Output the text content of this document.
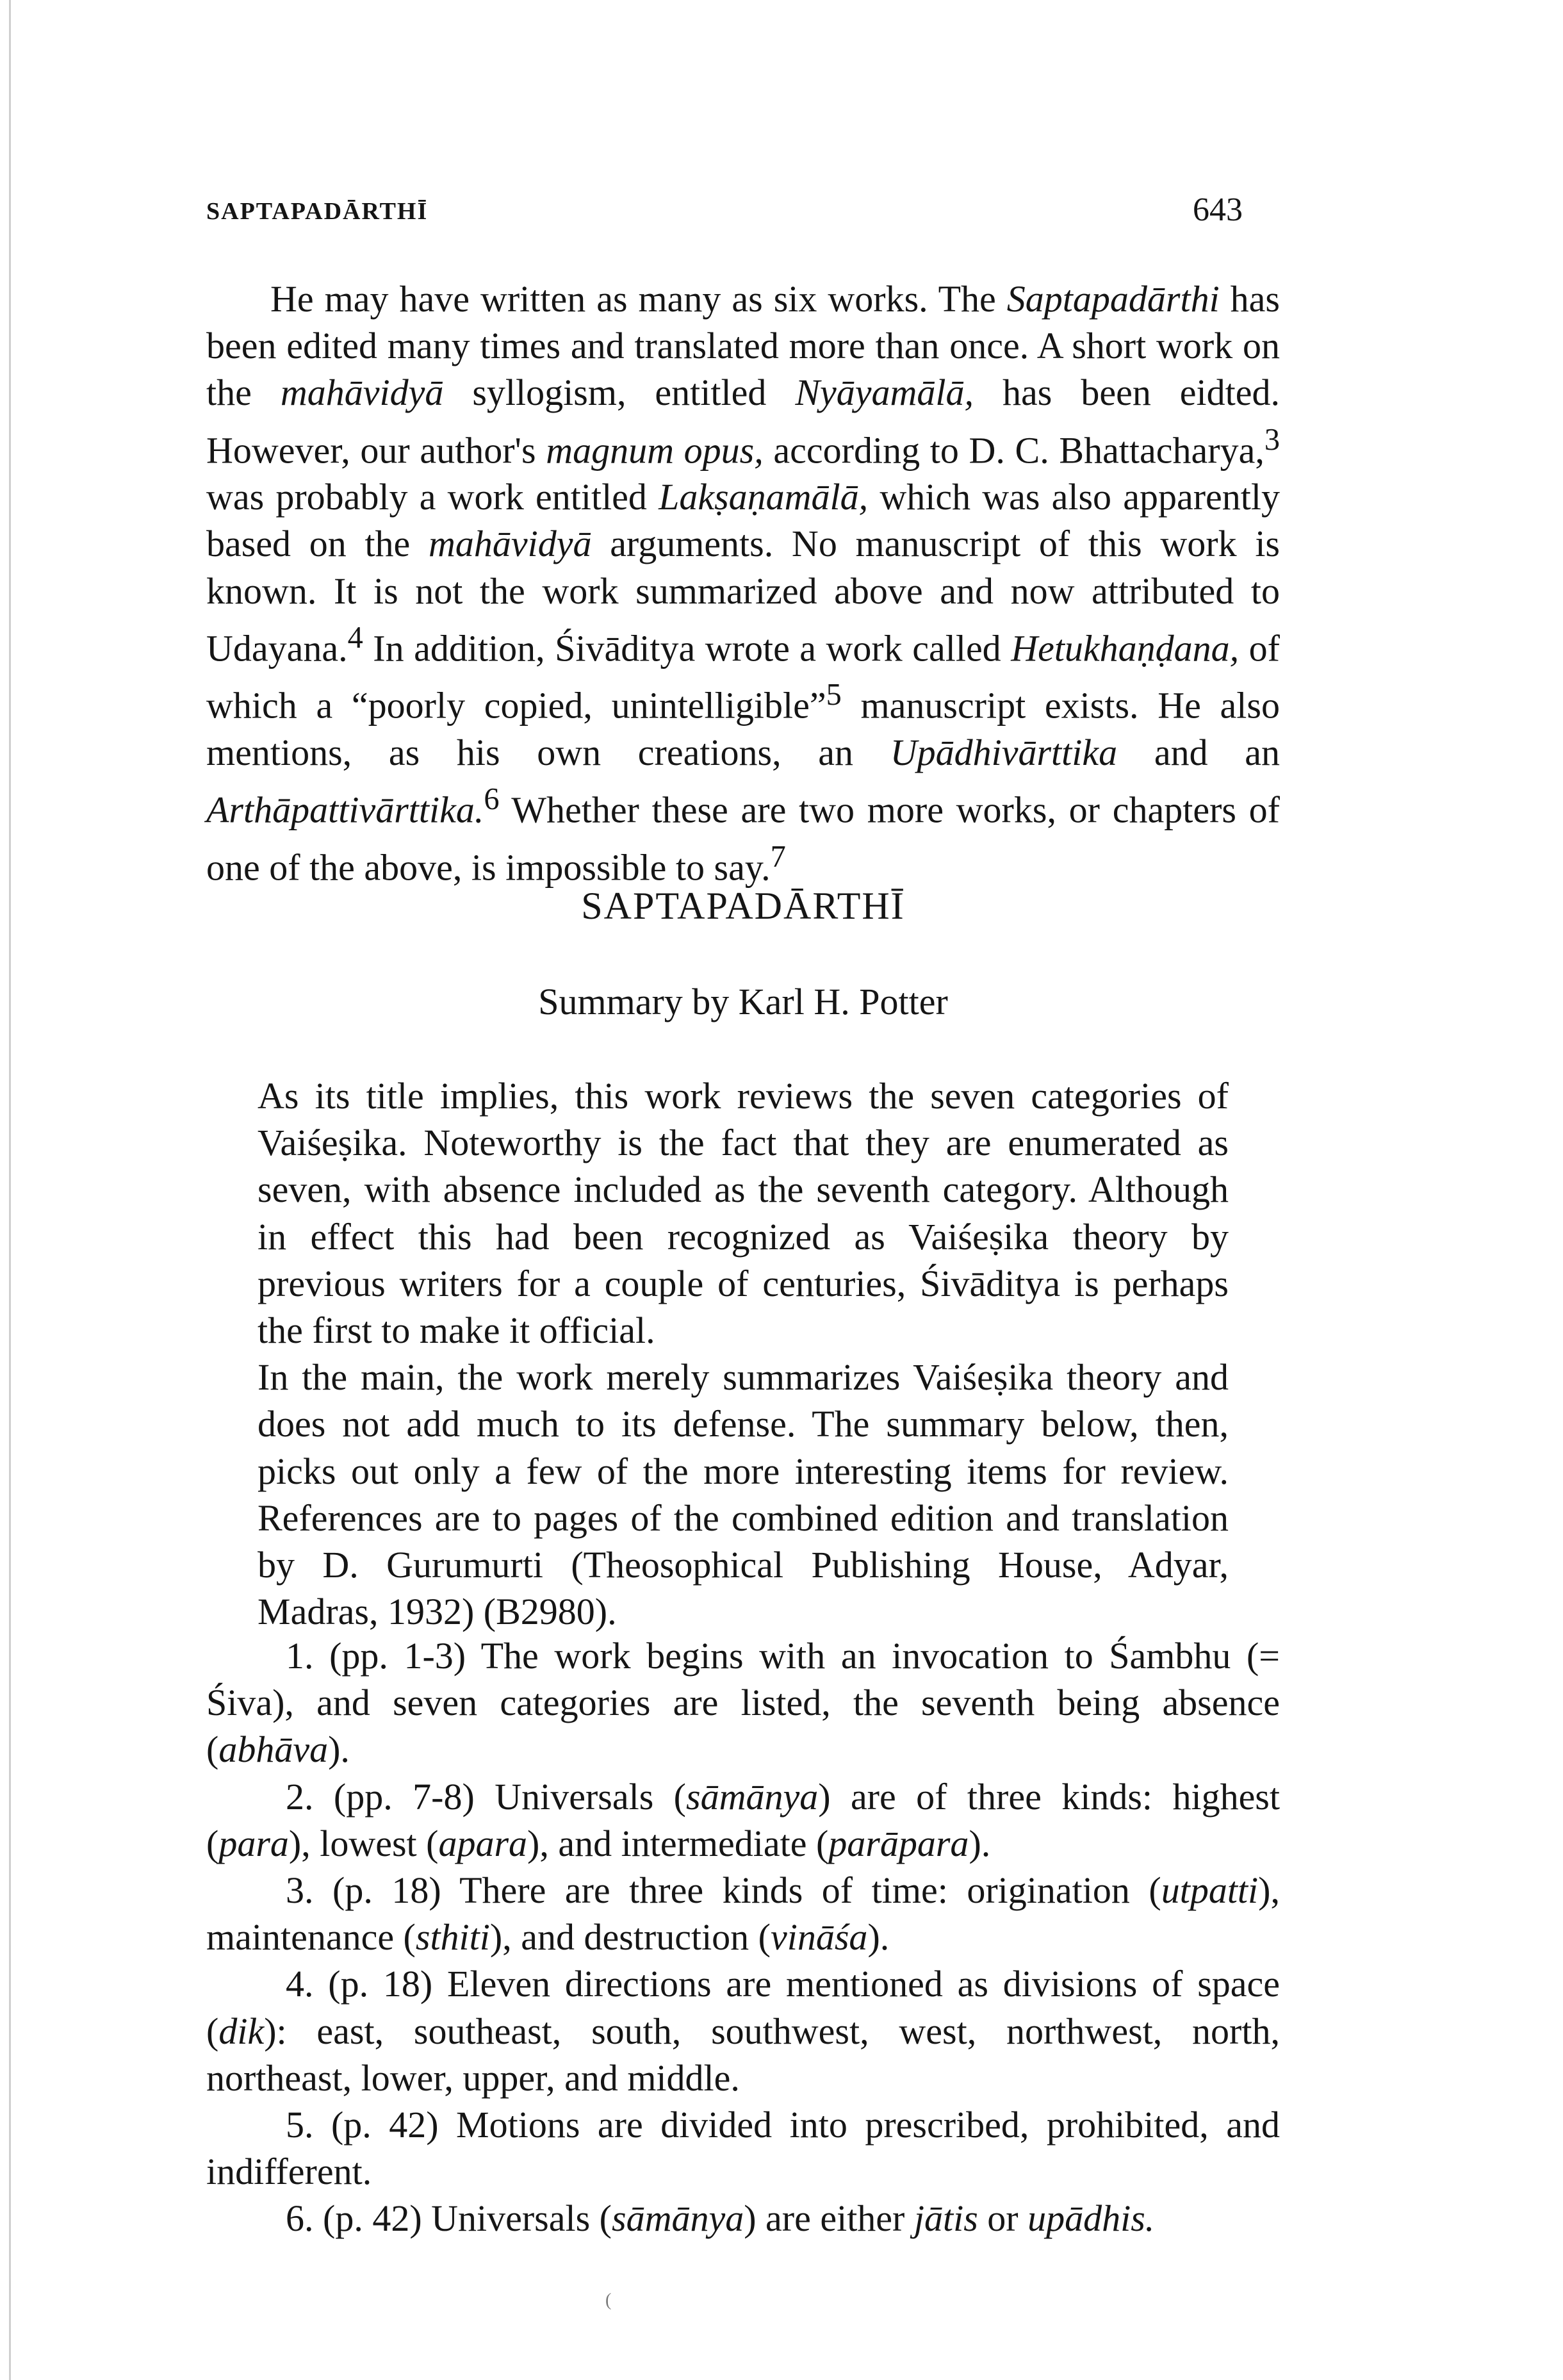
SAPTAPADĀRTHĪ	643

He may have written as many as six works. The Saptapadārthi has been edited many times and translated more than once. A short work on the mahāvidyā syllogism, entitled Nyāyamālā, has been eidted. However, our author's magnum opus, according to D. C. Bhattacharya,$^3$ was probably a work entitled Lakṣaṇamālā, which was also apparently based on the mahāvidyā arguments. No manuscript of this work is known. It is not the work summarized above and now attributed to Udayana.$^4$ In addition, Śivāditya wrote a work called Hetukhaṇḍana, of which a “poorly copied, unintelligible”$^5$ manuscript exists. He also mentions, as his own creations, an Upādhivārttika and an Arthāpattivārttika.$^6$ Whether these are two more works, or chapters of one of the above, is impossible to say.$^7$

SAPTAPADĀRTHĪ
Summary by Karl H. Potter

As its title implies, this work reviews the seven categories of Vaiśeṣika. Noteworthy is the fact that they are enumerated as seven, with absence included as the seventh category. Although in effect this had been recognized as Vaiśeṣika theory by previous writers for a couple of centuries, Śivāditya is perhaps the first to make it official.

In the main, the work merely summarizes Vaiśeṣika theory and does not add much to its defense. The summary below, then, picks out only a few of the more interesting items for review. References are to pages of the combined edition and translation by D. Gurumurti (Theosophical Publishing House, Adyar, Madras, 1932) (B2980).

1. (pp. 1-3) The work begins with an invocation to Śambhu (= Śiva), and seven categories are listed, the seventh being absence (abhāva).

2. (pp. 7-8) Universals (sāmānya) are of three kinds: highest (para), lowest (apara), and intermediate (parāpara).

3. (p. 18) There are three kinds of time: origination (utpatti), maintenance (sthiti), and destruction (vināśa).

4. (p. 18) Eleven directions are mentioned as divisions of space (dik): east, southeast, south, southwest, west, northwest, north, northeast, lower, upper, and middle.

5. (p. 42) Motions are divided into prescribed, prohibited, and indifferent.

6. (p. 42) Universals (sāmānya) are either jātis or upādhis.

(
